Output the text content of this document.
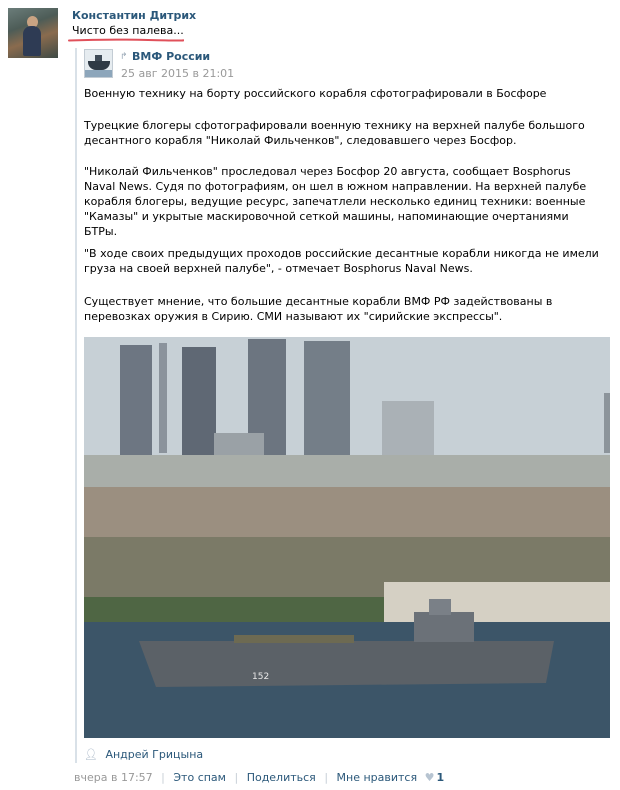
Константин Дитрих
Чисто без палева...
↱ ВМФ России
25 авг 2015 в 21:01
Военную технику на борту российского корабля сфотографировали в Босфоре
Турецкие блогеры сфотографировали военную технику на верхней палубе большого десантного корабля "Николай Фильченков", следовавшего через Босфор.
"Николай Фильченков" проследовал через Босфор 20 августа, сообщает Bosphorus Naval News. Судя по фотографиям, он шел в южном направлении. На верхней палубе корабля блогеры, ведущие ресурс, запечатлели несколько единиц техники: военные "Камазы" и укрытые маскировочной сеткой машины, напоминающие очертаниями БТРы.
"В ходе своих предыдущих проходов российские десантные корабли никогда не имели груза на своей верхней палубе", - отмечает Bosphorus Naval News.
Существует мнение, что большие десантные корабли ВМФ РФ задействованы в перевозках оружия в Сирию. СМИ называют их "сирийские экспрессы".
152
👤︎ Андрей Грицына
вчера в 17:57 | Это спам | Поделиться | Мне нравится ♥ 1
